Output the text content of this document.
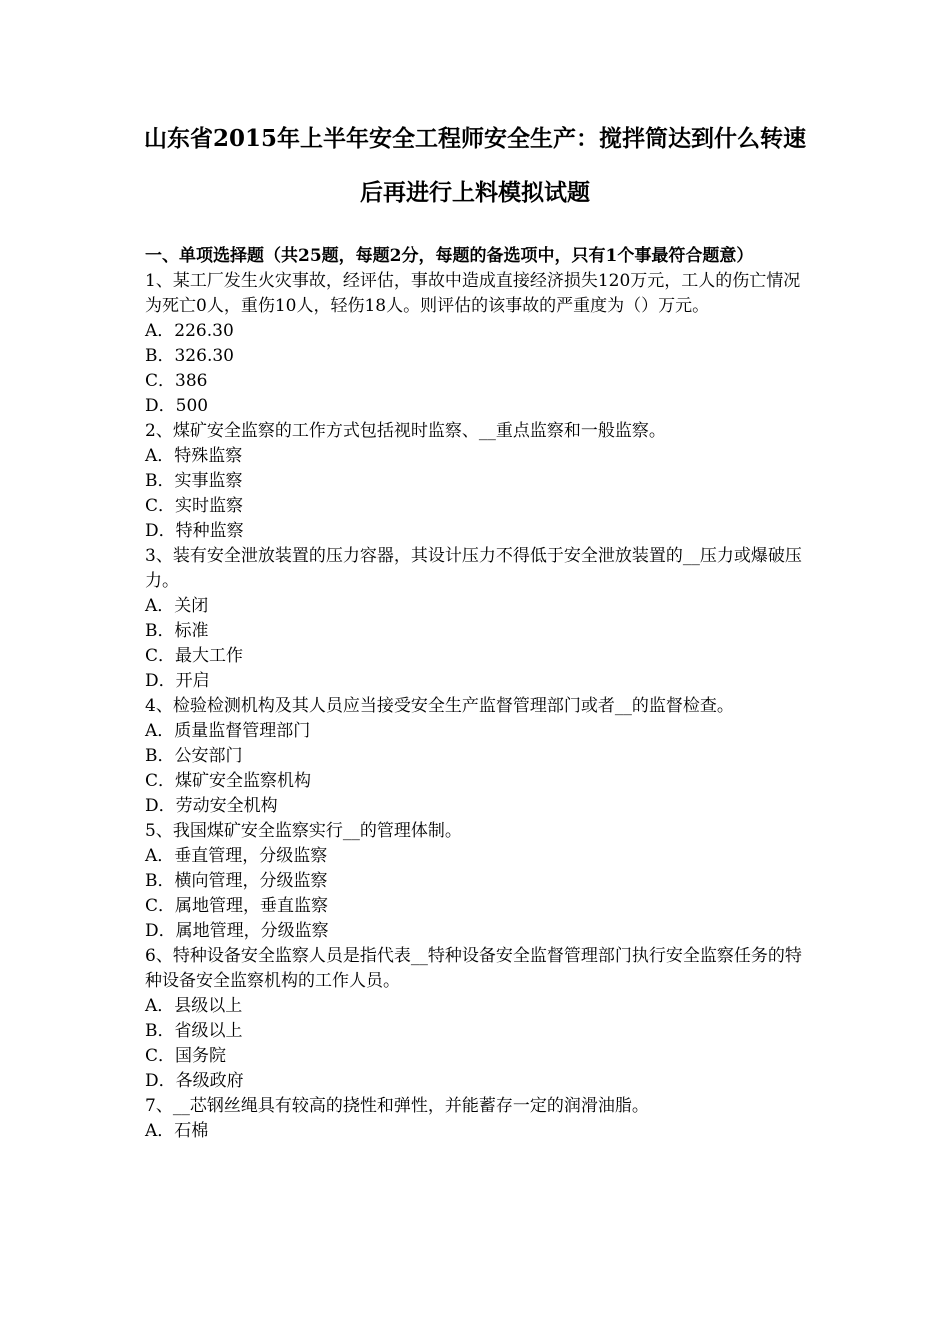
山东省2015年上半年安全工程师安全生产：搅拌筒达到什么转速后再进行上料模拟试题

一、单项选择题（共25题，每题2分，每题的备选项中，只有1个事最符合题意）

1、某工厂发生火灾事故，经评估，事故中造成直接经济损失120万元，工人的伤亡情况为死亡0人，重伤10人，轻伤18人。则评估的该事故的严重度为（）万元。

A．226.30

B．326.30

C．386

D．500

2、煤矿安全监察的工作方式包括视时监察、__重点监察和一般监察。

A．特殊监察

B．实事监察

C．实时监察

D．特种监察

3、装有安全泄放装置的压力容器，其设计压力不得低于安全泄放装置的__压力或爆破压力。

A．关闭

B．标准

C．最大工作

D．开启

4、检验检测机构及其人员应当接受安全生产监督管理部门或者__的监督检查。

A．质量监督管理部门

B．公安部门

C．煤矿安全监察机构

D．劳动安全机构

5、我国煤矿安全监察实行__的管理体制。

A．垂直管理，分级监察

B．横向管理，分级监察

C．属地管理，垂直监察

D．属地管理，分级监察

6、特种设备安全监察人员是指代表__特种设备安全监督管理部门执行安全监察任务的特种设备安全监察机构的工作人员。

A．县级以上

B．省级以上

C．国务院

D．各级政府

7、__芯钢丝绳具有较高的挠性和弹性，并能蓄存一定的润滑油脂。

A．石棉
